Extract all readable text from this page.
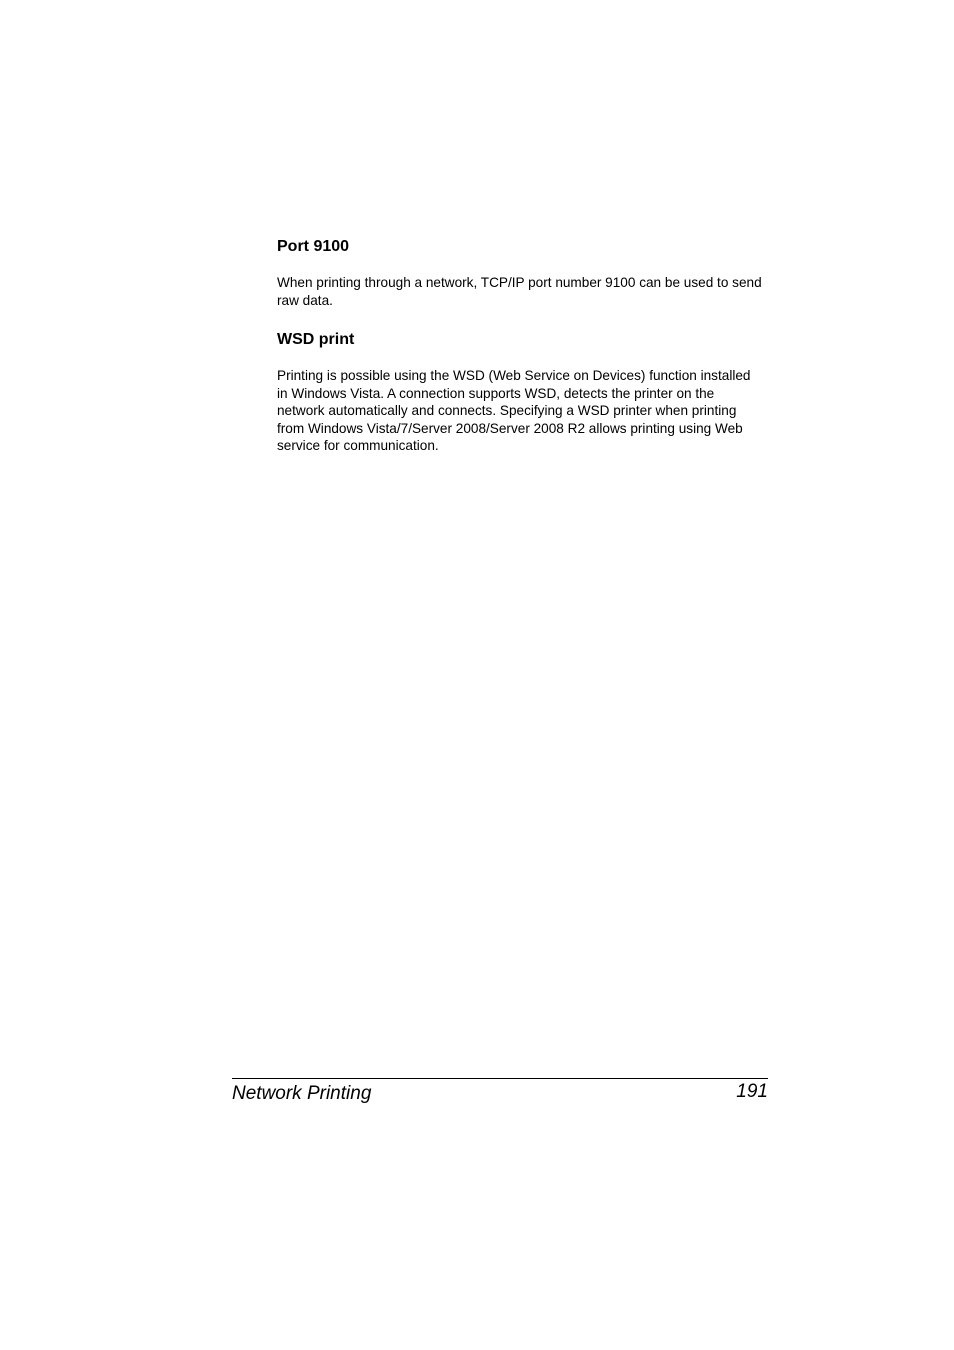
Port 9100

When printing through a network, TCP/IP port number 9100 can be used to send raw data.

WSD print

Printing is possible using the WSD (Web Service on Devices) function installed in Windows Vista. A connection supports WSD, detects the printer on the network automatically and connects. Specifying a WSD printer when printing from Windows Vista/7/Server 2008/Server 2008 R2 allows printing using Web service for communication.

Network Printing	191
